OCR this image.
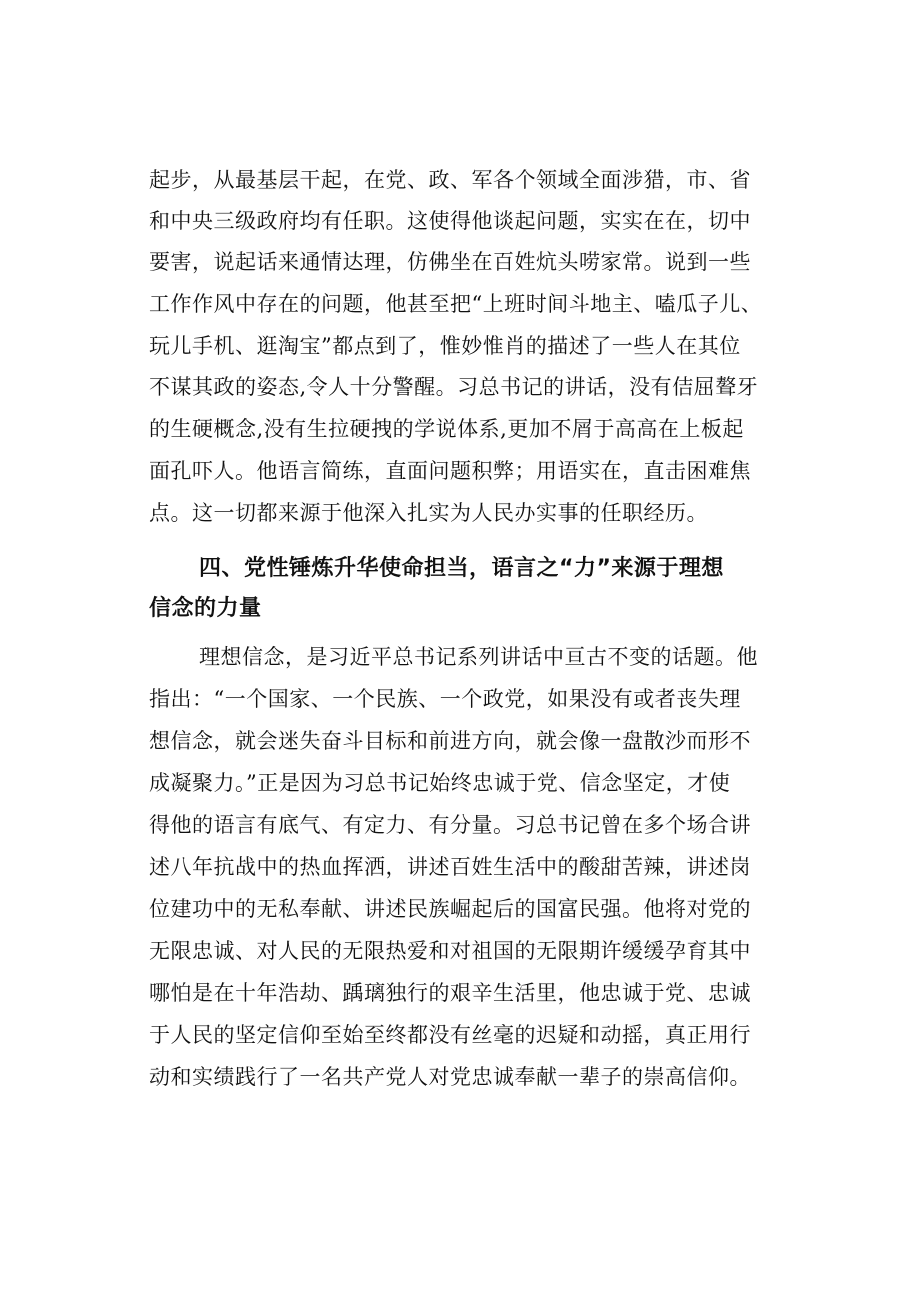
起步，从最基层干起，在党、政、军各个领域全面涉猎，市、省
和中央三级政府均有任职。这使得他谈起问题，实实在在，切中
要害，说起话来通情达理，仿佛坐在百姓炕头唠家常。说到一些
工作作风中存在的问题，他甚至把“上班时间斗地主、嗑瓜子儿、
玩儿手机、逛淘宝”都点到了，惟妙惟肖的描述了一些人在其位
不谋其政的姿态,令人十分警醒。习总书记的讲话，没有佶屈聱牙
的生硬概念,没有生拉硬拽的学说体系,更加不屑于高高在上板起
面孔吓人。他语言简练，直面问题积弊；用语实在，直击困难焦
点。这一切都来源于他深入扎实为人民办实事的任职经历。
四、党性锤炼升华使命担当，语言之“力”来源于理想
信念的力量
理想信念，是习近平总书记系列讲话中亘古不变的话题。他
指出：“一个国家、一个民族、一个政党，如果没有或者丧失理
想信念，就会迷失奋斗目标和前进方向，就会像一盘散沙而形不
成凝聚力。”正是因为习总书记始终忠诚于党、信念坚定，才使
得他的语言有底气、有定力、有分量。习总书记曾在多个场合讲
述八年抗战中的热血挥洒，讲述百姓生活中的酸甜苦辣，讲述岗
位建功中的无私奉献、讲述民族崛起后的国富民强。他将对党的
无限忠诚、对人民的无限热爱和对祖国的无限期许缓缓孕育其中
哪怕是在十年浩劫、踽璃独行的艰辛生活里，他忠诚于党、忠诚
于人民的坚定信仰至始至终都没有丝毫的迟疑和动摇，真正用行
动和实绩践行了一名共产党人对党忠诚奉献一辈子的崇高信仰。
